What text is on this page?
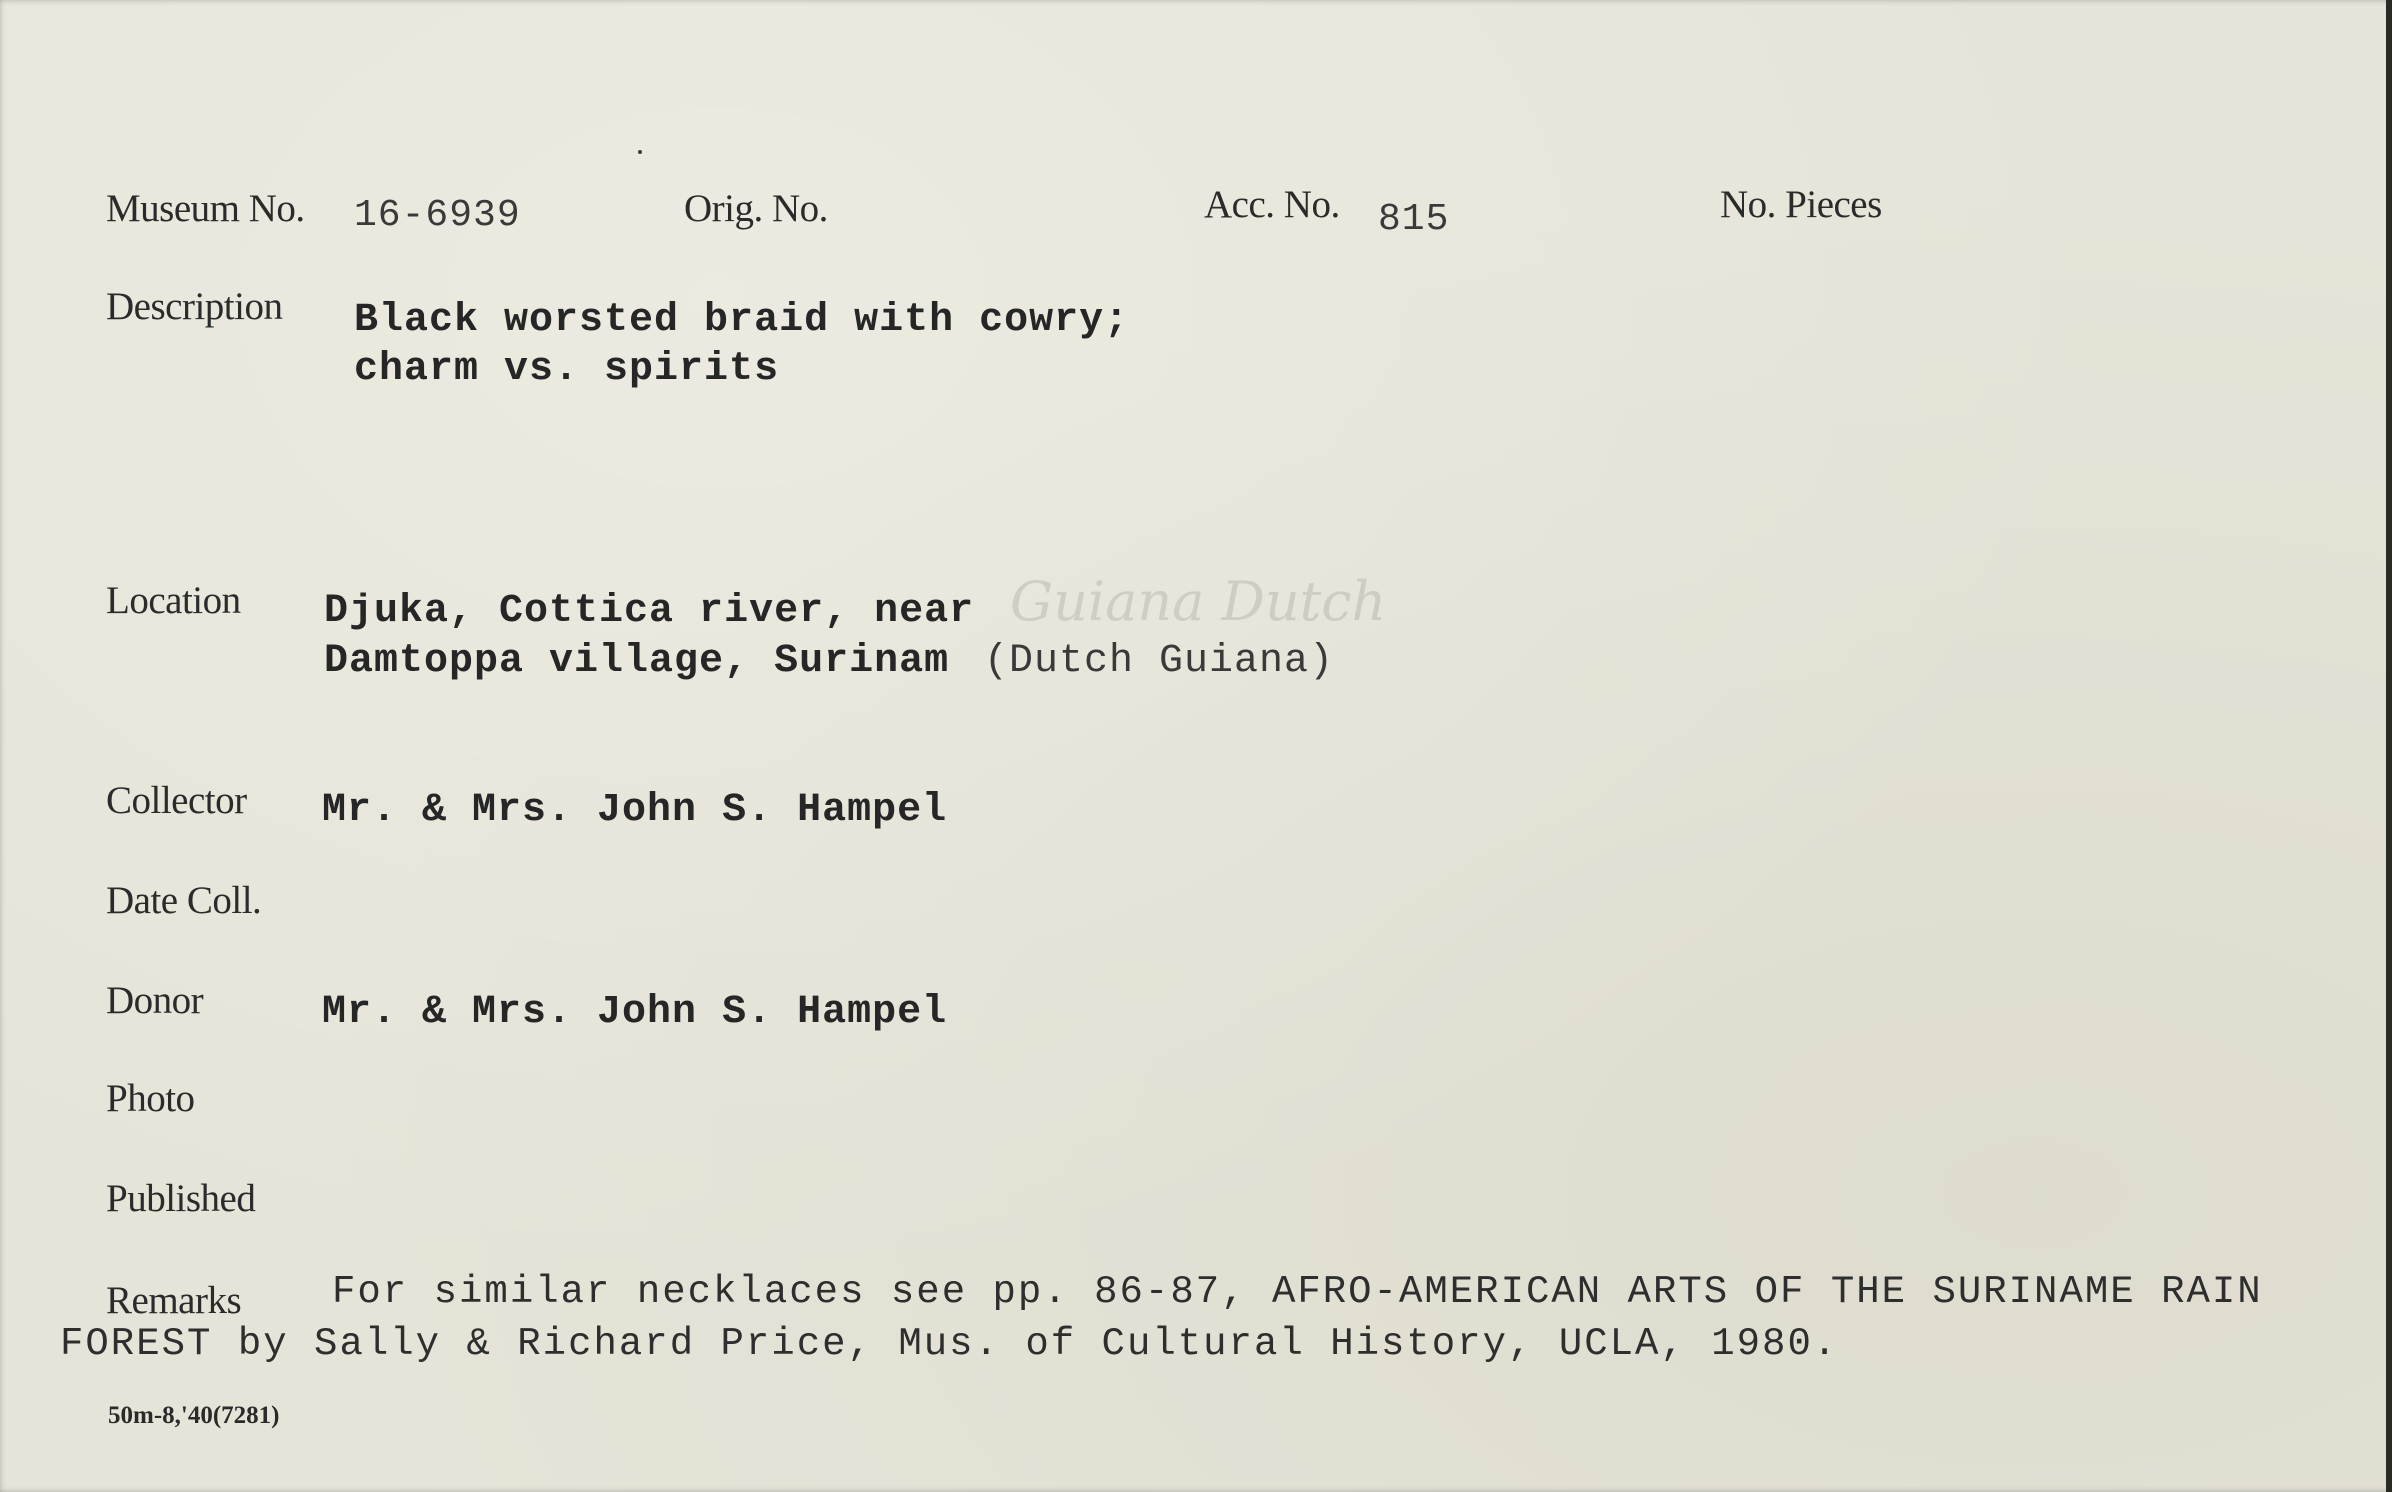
Museum No. 16-6939	Orig. No.	Acc. No. 815	No. Pieces
Description Black worsted braid with cowry;
charm vs. spirits
Location Djuka, Cottica river, near
Damtoppa village, Surinam (Dutch Guiana)
Guiana Dutch
Collector Mr. & Mrs. John S. Hampel
Date Coll.
Donor	Mr. & Mrs. John S. Hampel
Photo
Published
Remarks For similar necklaces see pp. 86-87, AFRO-AMERICAN ARTS OF THE SURINAME RAIN
FOREST by Sally & Richard Price, Mus. of Cultural History, UCLA, 1980.
50m-8,'40(7281)
